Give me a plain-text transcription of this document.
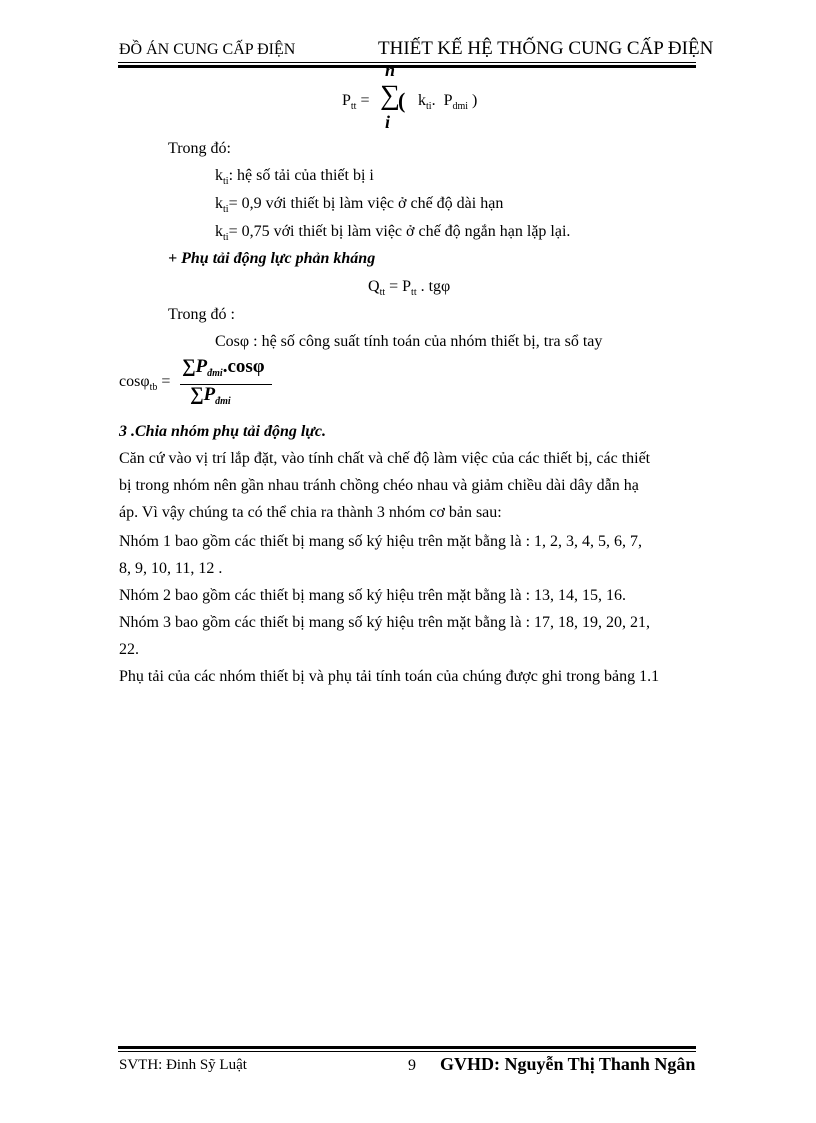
ĐỒ ÁN CUNG CẤP ĐIỆN	THIẾT KẾ HỆ THỐNG CUNG CẤP ĐIỆN
$P_{tt}$ =
n
∑
i
( $k_{ti}$. $P_{dmi}$ )
Trong đó:
$k_{ti}$: hệ số tải của thiết bị i
$k_{ti}= 0,9$ với thiết bị làm việc ở chế độ dài hạn
$k_{ti}= 0,75$ với thiết bị làm việc ở chế độ ngắn hạn lặp lại.
+ Phụ tải động lực phản kháng
$Q_{tt} = P_{tt}$ . tgφ
Trong đó :
Cosφ : hệ số công suất tính toán của nhóm thiết bị, tra sổ tay
cosφ$_{tb}$ =
$\sum P_{đmi}.\cos\varphi$
$\sum P_{đmi}$
3 .Chia nhóm phụ tải động lực.
Căn cứ vào vị trí lắp đặt, vào tính chất và chế độ làm việc của các thiết bị, các thiết
bị trong nhóm nên gần nhau tránh chồng chéo nhau và giảm chiều dài dây dẫn hạ
áp. Vì vậy chúng ta có thể chia ra thành 3 nhóm cơ bản sau:
Nhóm 1 bao gồm các thiết bị mang số ký hiệu trên mặt bằng là : 1, 2, 3, 4, 5, 6, 7,
8, 9, 10, 11, 12 .
Nhóm 2 bao gồm các thiết bị mang số ký hiệu trên mặt bằng là : 13, 14, 15, 16.
Nhóm 3 bao gồm các thiết bị mang số ký hiệu trên mặt bằng là : 17, 18, 19, 20, 21,
22.
Phụ tải của các nhóm thiết bị và phụ tải tính toán của chúng được ghi trong bảng 1.1
SVTH: Đinh Sỹ Luật	9 GVHD: Nguyễn Thị Thanh Ngân
